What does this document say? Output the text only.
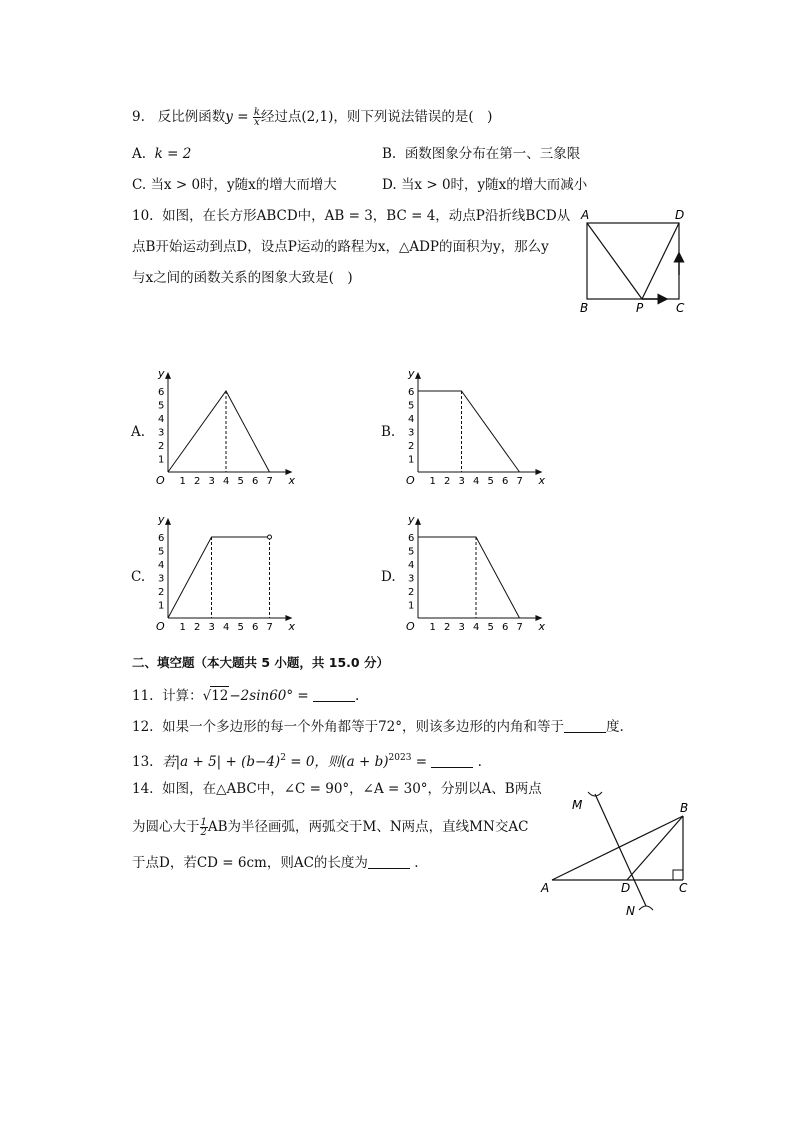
9. 反比例函数$y = \frac{k}{x}$ 经过点(2,1)，则下列说法错误的是(　)
A. k = 2	B. 函数图象分布在第一、三象限
C. 当x > 0时，y随x的增大而增大	D. 当x > 0时，y随x的增大而减小
10. 如图，在长方形ABCD中，AB = 3，BC = 4，动点P沿折线BCD从
点B开始运动到点D，设点P运动的路程为x，△ADP的面积为y，那么y
与x之间的函数关系的图象大致是(　)
A	D
B	P	C
A.	B.
C.	D.
y
x
O 1 2 3 4 5 6 7
1
2
3
4
5
6
y
x
O 1 2 3 4 5 6 7
1
2
3
4
5
6
y
x
O 1 2 3 4 5 6 7
1
2
3
4
5
6
y
x
O 1 2 3 4 5 6 7
1
2
3
4
5
6
二、填空题（本大题共 5 小题，共 15.0 分）
11. 计算：√12−2sin60° =	.
12. 如果一个多边形的每一个外角都等于72°，则该多边形的内角和等于	度.
13. 若$|a + 5| + (b-4)^2 = 0$，则$(a + b)^{2023}$ =	.
14. 如图，在△ABC中，∠C = 90°，∠A = 30°，分别以A、B两点
为圆心大于 $\frac{1}{2}$ AB为半径画弧，两弧交于M、N两点，直线MN交AC
于点D，若CD = 6cm，则AC的长度为	.
M	B
A	D	C
N
